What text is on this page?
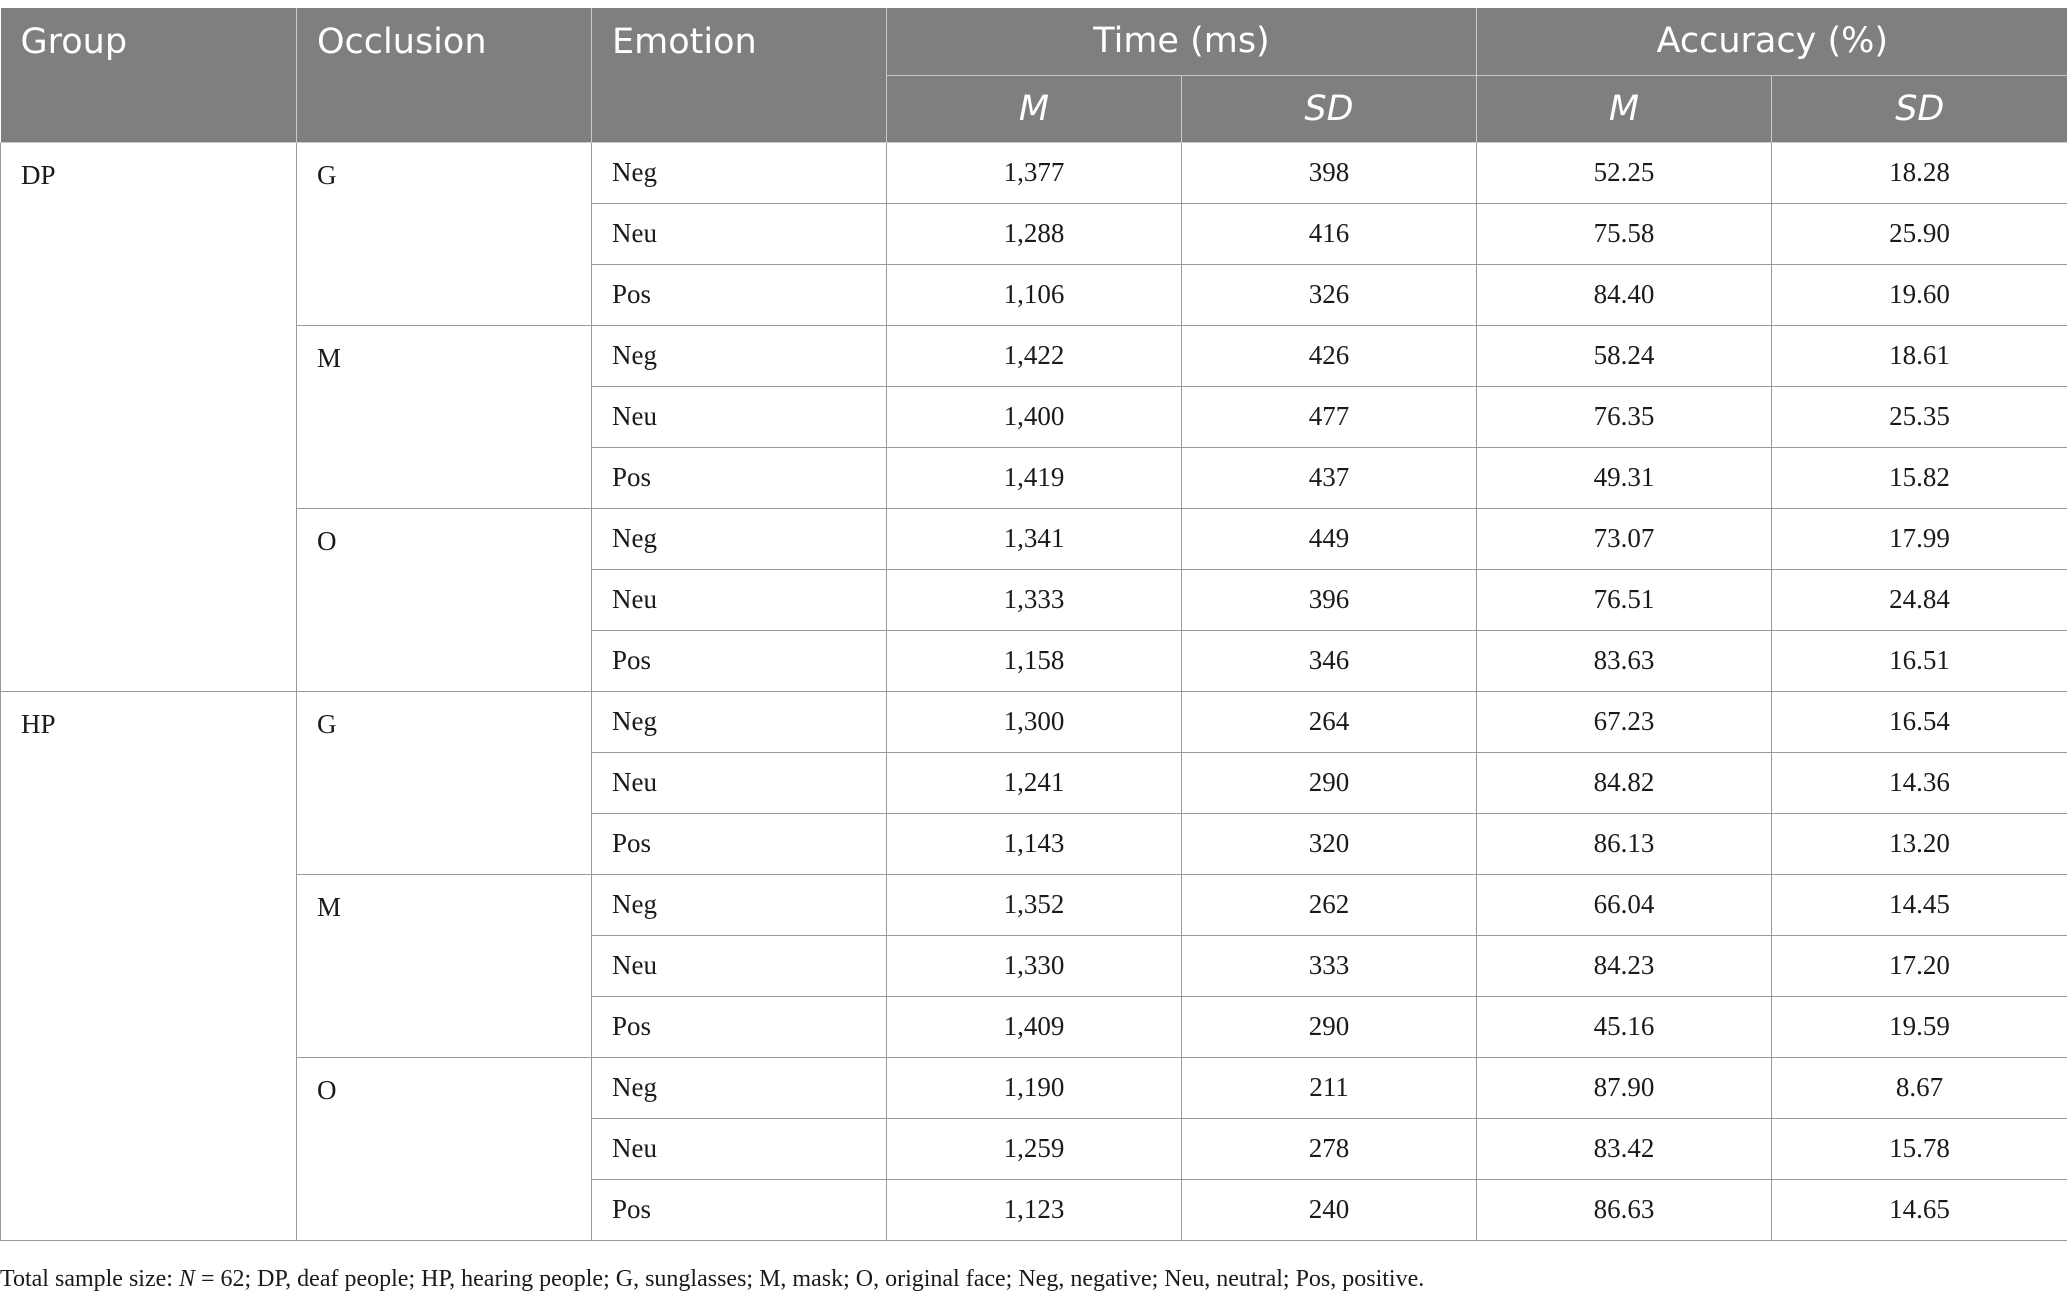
Group	Occlusion	Emotion	Time (ms)		Accuracy (%)	
			M	SD	M	SD
DP	G	Neg	1,377	398	52.25	18.28
		Neu	1,288	416	75.58	25.90
		Pos	1,106	326	84.40	19.60
	M	Neg	1,422	426	58.24	18.61
		Neu	1,400	477	76.35	25.35
		Pos	1,419	437	49.31	15.82
	O	Neg	1,341	449	73.07	17.99
		Neu	1,333	396	76.51	24.84
		Pos	1,158	346	83.63	16.51
HP	G	Neg	1,300	264	67.23	16.54
		Neu	1,241	290	84.82	14.36
		Pos	1,143	320	86.13	13.20
	M	Neg	1,352	262	66.04	14.45
		Neu	1,330	333	84.23	17.20
		Pos	1,409	290	45.16	19.59
	O	Neg	1,190	211	87.90	8.67
		Neu	1,259	278	83.42	15.78
		Pos	1,123	240	86.63	14.65
Total sample size: N = 62; DP, deaf people; HP, hearing people; G, sunglasses; M, mask; O, original face; Neg, negative; Neu, neutral; Pos, positive.
